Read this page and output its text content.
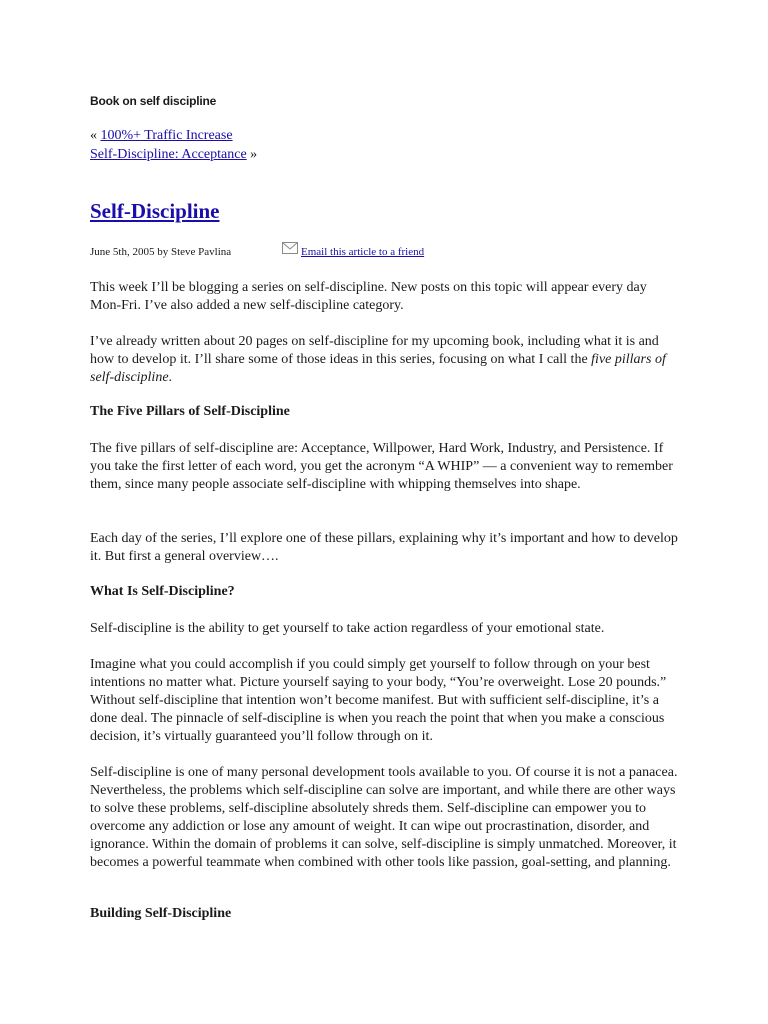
Book on self discipline
« 100%+ Traffic Increase
Self-Discipline: Acceptance »
Self-Discipline
June 5th, 2005 by Steve Pavlina	Email this article to a friend

This week I’ll be blogging a series on self-discipline. New posts on this topic will appear every day Mon-Fri. I’ve also added a new self-discipline category.

I’ve already written about 20 pages on self-discipline for my upcoming book, including what it is and how to develop it. I’ll share some of those ideas in this series, focusing on what I call the five pillars of self-discipline.

The Five Pillars of Self-Discipline

The five pillars of self-discipline are: Acceptance, Willpower, Hard Work, Industry, and Persistence. If you take the first letter of each word, you get the acronym “A WHIP” — a convenient way to remember them, since many people associate self-discipline with whipping themselves into shape.

Each day of the series, I’ll explore one of these pillars, explaining why it’s important and how to develop it. But first a general overview….

What Is Self-Discipline?

Self-discipline is the ability to get yourself to take action regardless of your emotional state.

Imagine what you could accomplish if you could simply get yourself to follow through on your best intentions no matter what. Picture yourself saying to your body, “You’re overweight. Lose 20 pounds.” Without self-discipline that intention won’t become manifest. But with sufficient self-discipline, it’s a done deal. The pinnacle of self-discipline is when you reach the point that when you make a conscious decision, it’s virtually guaranteed you’ll follow through on it.

Self-discipline is one of many personal development tools available to you. Of course it is not a panacea. Nevertheless, the problems which self-discipline can solve are important, and while there are other ways to solve these problems, self-discipline absolutely shreds them. Self-discipline can empower you to overcome any addiction or lose any amount of weight. It can wipe out procrastination, disorder, and ignorance. Within the domain of problems it can solve, self-discipline is simply unmatched. Moreover, it becomes a powerful teammate when combined with other tools like passion, goal-setting, and planning.

Building Self-Discipline
